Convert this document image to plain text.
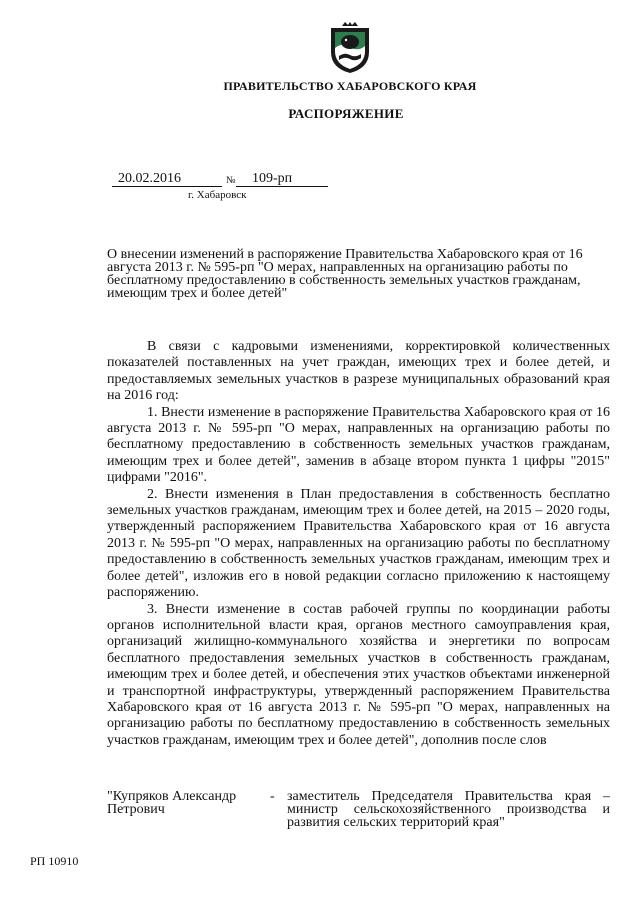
ПРАВИТЕЛЬСТВО ХАБАРОВСКОГО КРАЯ
РАСПОРЯЖЕНИЕ
20.02.2016	№	109-рп
г. Хабаровск

О внесении изменений в распоряжение Правительства Хабаровского края от 16 августа 2013 г. № 595-рп "О мерах, направленных на организацию работы по бесплатному предоставлению в собственность земельных участков гражданам, имеющим трех и более детей"

В связи с кадровыми изменениями, корректировкой количественных показателей поставленных на учет граждан, имеющих трех и более детей, и предоставляемых земельных участков в разрезе муниципальных образований края на 2016 год:

1. Внести изменение в распоряжение Правительства Хабаровского края от 16 августа 2013 г. № 595-рп "О мерах, направленных на организацию работы по бесплатному предоставлению в собственность земельных участков гражданам, имеющим трех и более детей", заменив в абзаце втором пункта 1 цифры "2015" цифрами "2016".

2. Внести изменения в План предоставления в собственность бесплатно земельных участков гражданам, имеющим трех и более детей, на 2015 – 2020 годы, утвержденный распоряжением Правительства Хабаровского края от 16 августа 2013 г. № 595-рп "О мерах, направленных на организацию работы по бесплатному предоставлению в собственность земельных участков гражданам, имеющим трех и более детей", изложив его в новой редакции согласно приложению к настоящему распоряжению.

3. Внести изменение в состав рабочей группы по координации работы органов исполнительной власти края, органов местного самоуправления края, организаций жилищно-коммунального хозяйства и энергетики по вопросам бесплатного предоставления земельных участков в собственность гражданам, имеющим трех и более детей, и обеспечения этих участков объектами инженерной и транспортной инфраструктуры, утвержденный распоряжением Правительства Хабаровского края от 16 августа 2013 г. № 595-рп "О мерах, направленных на организацию работы по бесплатному предоставлению в собственность земельных участков гражданам, имеющим трех и более детей", дополнив после слов

"Купряков Александр Петрович
- заместитель Председателя Правительства края – министр сельскохозяйственного производства и развития сельских территорий края"
РП 10910
